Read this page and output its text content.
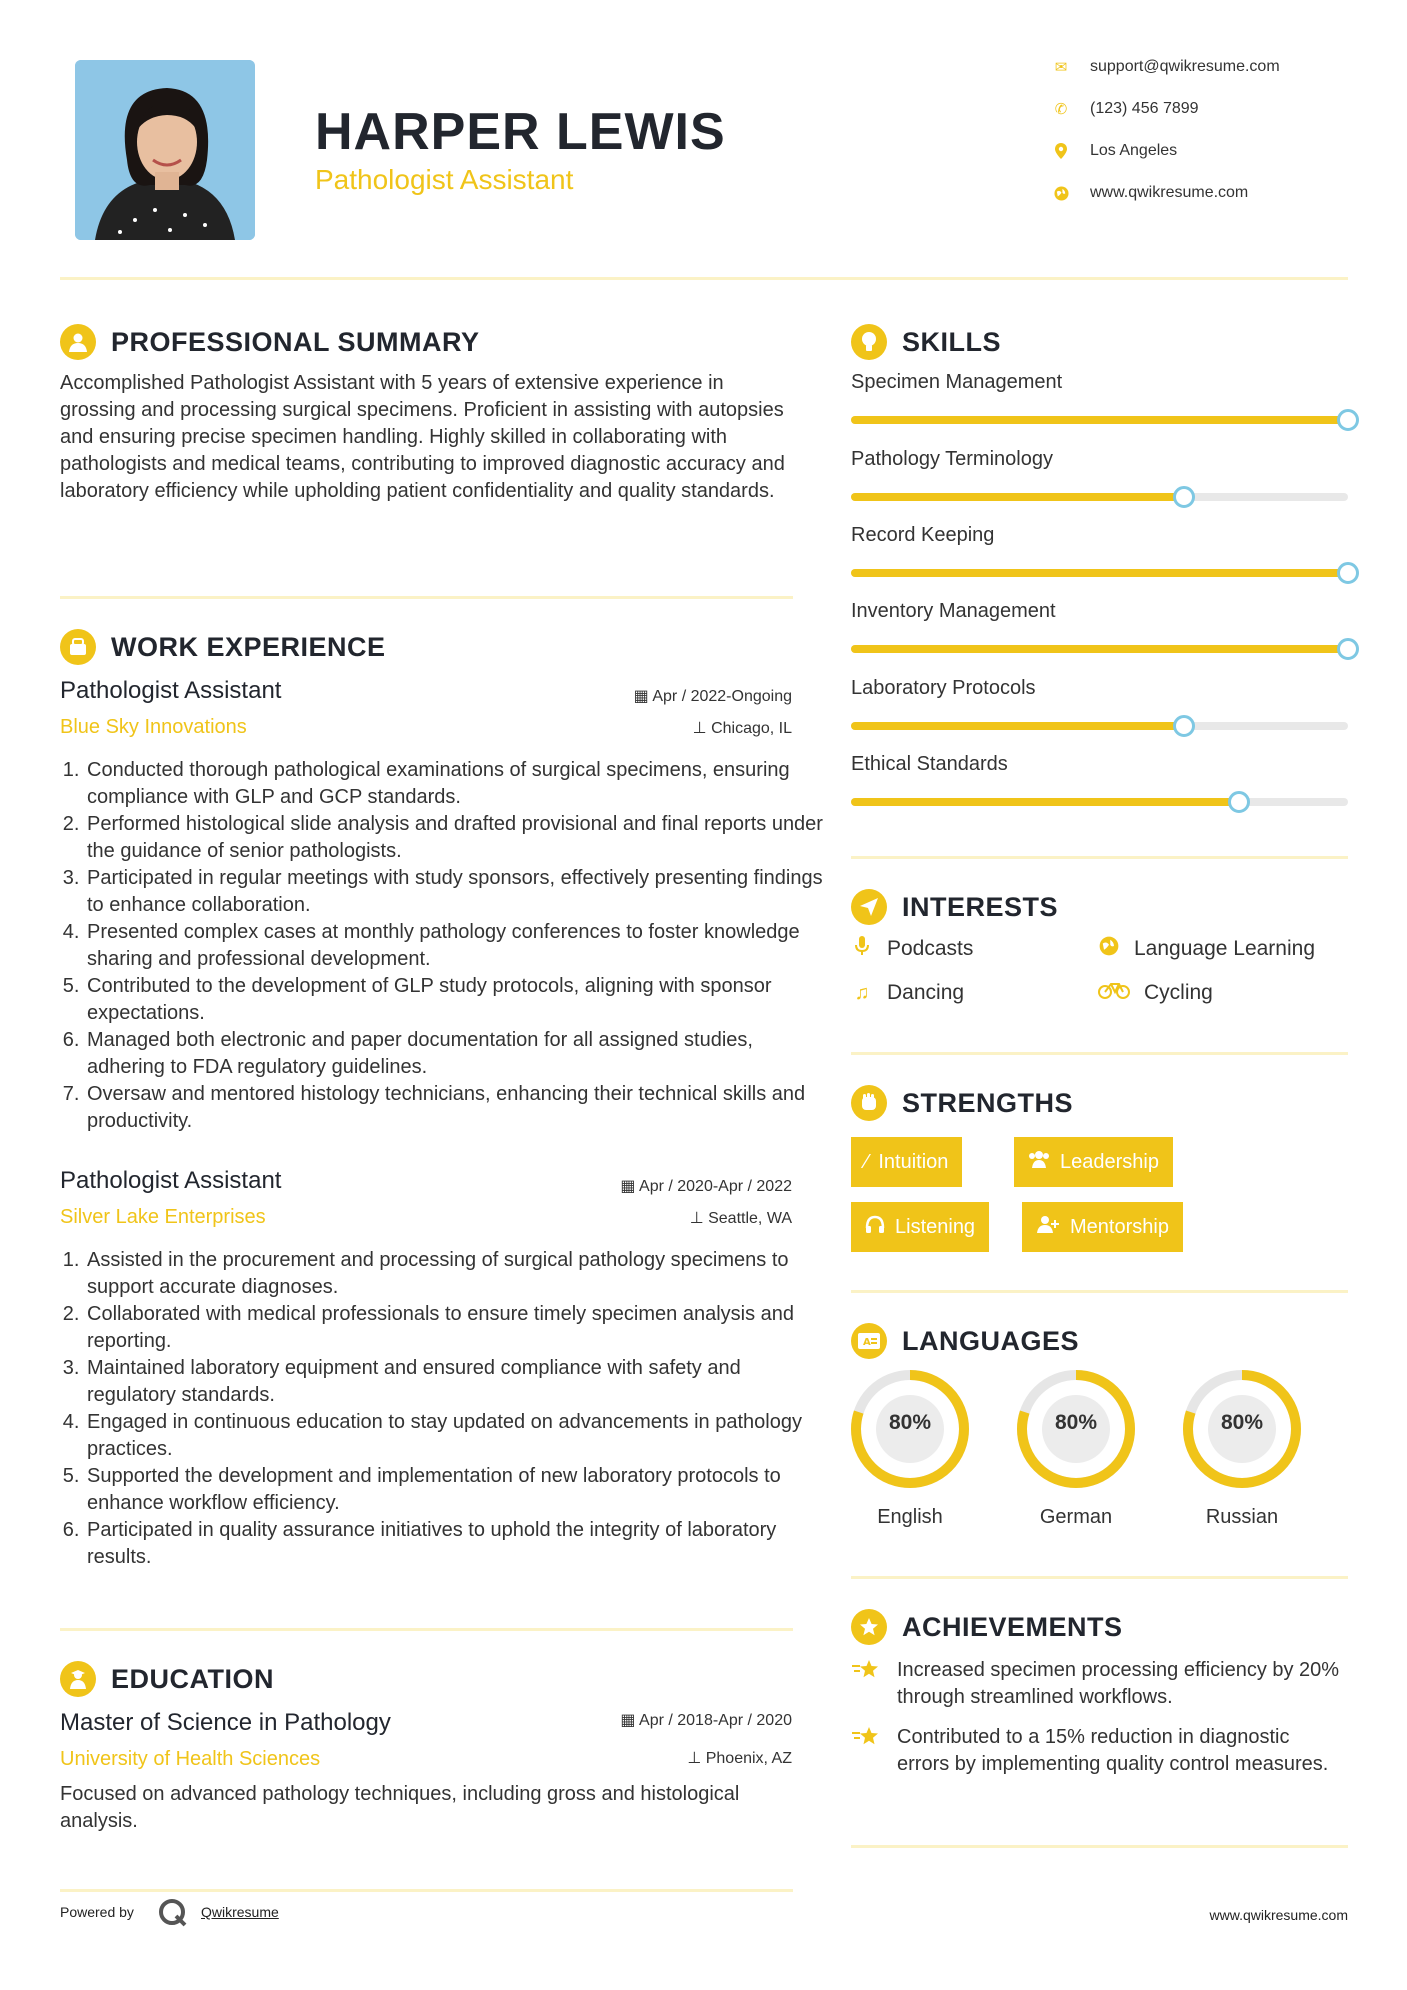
HARPER LEWIS
Pathologist Assistant
✉ support@qwikresume.com
✆ (123) 456 7899
Los Angeles
www.qwikresume.com
PROFESSIONAL SUMMARY
Accomplished Pathologist Assistant with 5 years of extensive experience in grossing and processing surgical specimens. Proficient in assisting with autopsies and ensuring precise specimen handling. Highly skilled in collaborating with pathologists and medical teams, contributing to improved diagnostic accuracy and laboratory efficiency while upholding patient confidentiality and quality standards.
WORK EXPERIENCE
Pathologist Assistant	▦ Apr / 2022-Ongoing
Blue Sky Innovations	⊥ Chicago, IL
1. Conducted thorough pathological examinations of surgical specimens, ensuring compliance with GLP and GCP standards.
2. Performed histological slide analysis and drafted provisional and final reports under the guidance of senior pathologists.
3. Participated in regular meetings with study sponsors, effectively presenting findings to enhance collaboration.
4. Presented complex cases at monthly pathology conferences to foster knowledge sharing and professional development.
5. Contributed to the development of GLP study protocols, aligning with sponsor expectations.
6. Managed both electronic and paper documentation for all assigned studies, adhering to FDA regulatory guidelines.
7. Oversaw and mentored histology technicians, enhancing their technical skills and productivity.
Pathologist Assistant	▦ Apr / 2020-Apr / 2022
Silver Lake Enterprises	⊥ Seattle, WA
1. Assisted in the procurement and processing of surgical pathology specimens to support accurate diagnoses.
2. Collaborated with medical professionals to ensure timely specimen analysis and reporting.
3. Maintained laboratory equipment and ensured compliance with safety and regulatory standards.
4. Engaged in continuous education to stay updated on advancements in pathology practices.
5. Supported the development and implementation of new laboratory protocols to enhance workflow efficiency.
6. Participated in quality assurance initiatives to uphold the integrity of laboratory results.
EDUCATION
Master of Science in Pathology	▦ Apr / 2018-Apr / 2020
University of Health Sciences	⊥ Phoenix, AZ
Focused on advanced pathology techniques, including gross and histological analysis.
SKILLS
Specimen Management
Pathology Terminology
Record Keeping
Inventory Management
Laboratory Protocols
Ethical Standards
INTERESTS
Podcasts	Language Learning
♫ Dancing	Cycling
STRENGTHS
⁄ Intuition	Leadership
Listening	Mentorship
A LANGUAGES
80%	80%	80%
English	German	Russian
ACHIEVEMENTS
Increased specimen processing efficiency by 20% through streamlined workflows.
Contributed to a 15% reduction in diagnostic errors by implementing quality control measures.
Powered by	Qwikresume	www.qwikresume.com
